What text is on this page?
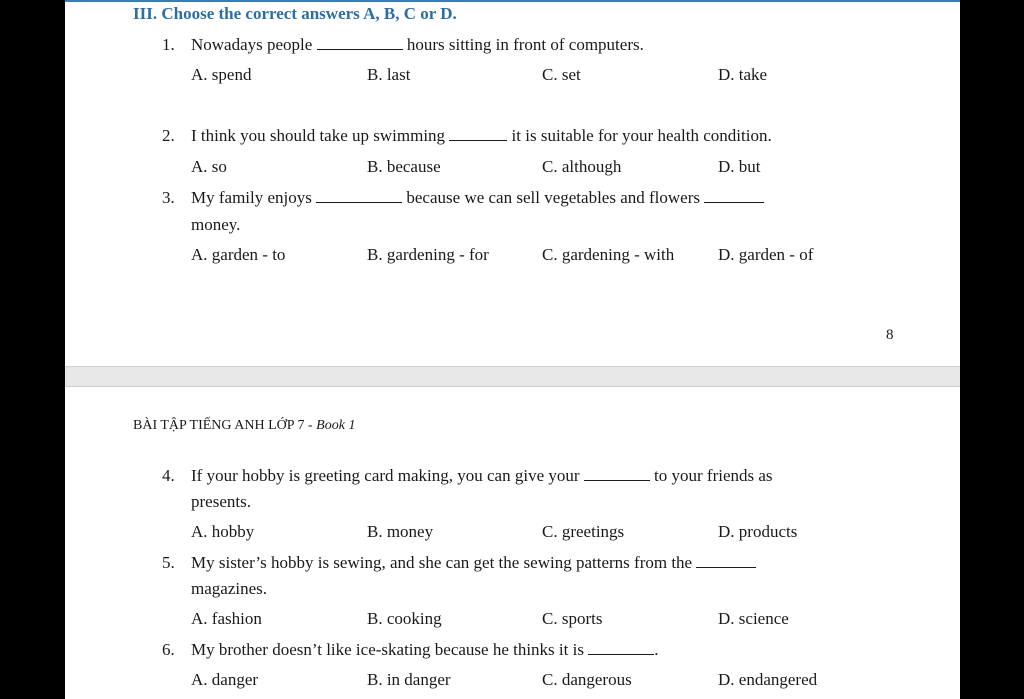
III. Choose the correct answers A, B, C or D.
1. Nowadays people	hours sitting in front of computers.
A. spend	B. last	C. set	D. take
2. I think you should take up swimming	it is suitable for your health condition.
A. so	B. because	C. although	D. but
3. My family enjoys	because we can sell vegetables and flowers
money.
A. garden - to	B. gardening - for	C. gardening - with	D. garden - of
8
BÀI TẬP TIẾNG ANH LỚP 7 - Book 1
4. If your hobby is greeting card making, you can give your	to your friends as
presents.
A. hobby	B. money	C. greetings	D. products
5. My sister’s hobby is sewing, and she can get the sewing patterns from the
magazines.
A. fashion	B. cooking	C. sports	D. science
6. My brother doesn’t like ice-skating because he thinks it is	.
A. danger	B. in danger	C. dangerous	D. endangered
